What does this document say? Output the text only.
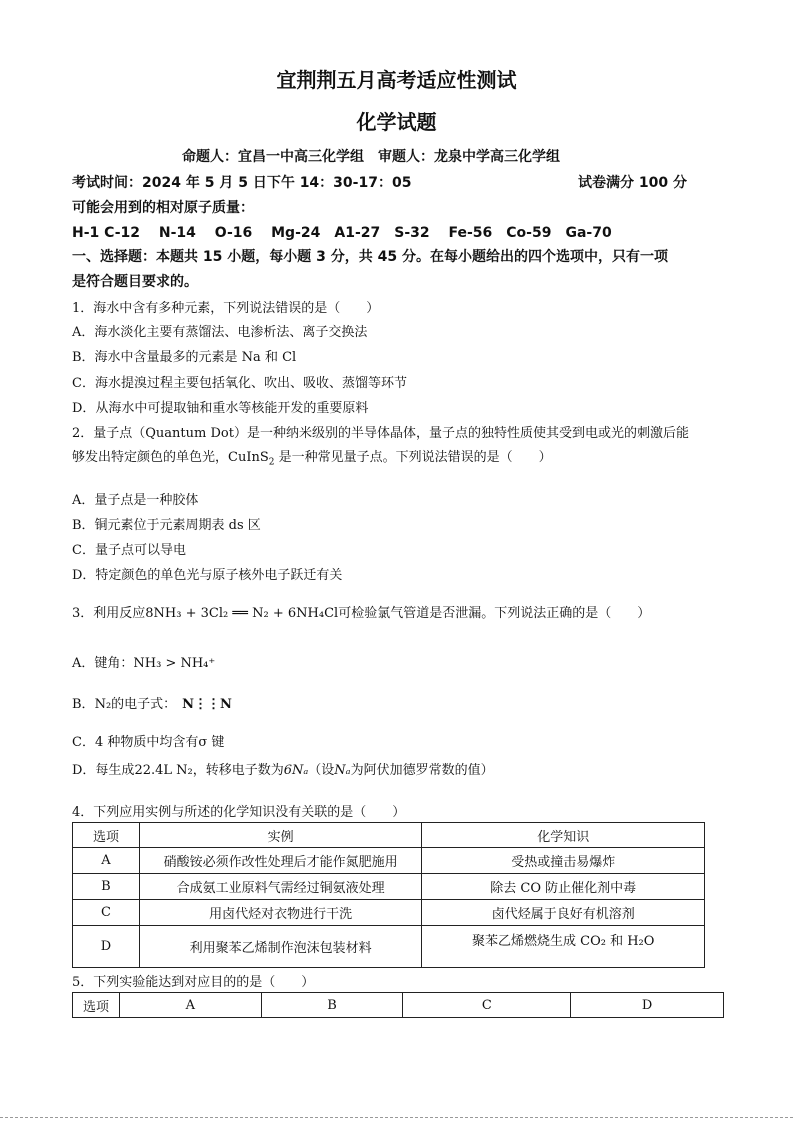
宜荆荆五月高考适应性测试
化学试题
命题人：宜昌一中高三化学组　审题人：龙泉中学高三化学组
考试时间：2024 年 5 月 5 日下午 14：30-17：05	试卷满分 100 分
可能会用到的相对原子质量：
H-1 C-12　 N-14　 O-16　 Mg-24　A1-27　S-32　 Fe-56　Co-59　Ga-70
一、选择题：本题共 15 小题，每小题 3 分，共 45 分。在每小题给出的四个选项中，只有一项
是符合题目要求的。
1．海水中含有多种元素，下列说法错误的是（　　）
A．海水淡化主要有蒸馏法、电渗析法、离子交换法
B．海水中含量最多的元素是 Na 和 Cl
C．海水提溴过程主要包括氧化、吹出、吸收、蒸馏等环节
D．从海水中可提取铀和重水等核能开发的重要原料
2．量子点（Quantum Dot）是一种纳米级别的半导体晶体，量子点的独特性质使其受到电或光的刺激后能
够发出特定颜色的单色光，CuInS$_2$ 是一种常见量子点。下列说法错误的是（　　）
A．量子点是一种胶体
B．铜元素位于元素周期表 ds 区
C．量子点可以导电
D．特定颜色的单色光与原子核外电子跃迁有关
3．利用反应8NH₃ + 3Cl₂ ══ N₂ + 6NH₄Cl可检验氯气管道是否泄漏。下列说法正确的是（　　）
A．键角：NH₃ > NH₄⁺
B．N₂的电子式： N⋮⋮N
C．4 种物质中均含有σ 键
D．每生成22.4L N₂，转移电子数为6Nₐ（设Nₐ为阿伏加德罗常数的值）
4．下列应用实例与所述的化学知识没有关联的是（　　）
选项	实例	化学知识
A	硝酸铵必须作改性处理后才能作氮肥施用	受热或撞击易爆炸
B	合成氨工业原料气需经过铜氨液处理	除去 CO 防止催化剂中毒
C	用卤代烃对衣物进行干洗	卤代烃属于良好有机溶剂
D	利用聚苯乙烯制作泡沫包装材料	聚苯乙烯燃烧生成 CO₂ 和 H₂O
5．下列实验能达到对应目的的是（　　）
选项	A	B	C	D
